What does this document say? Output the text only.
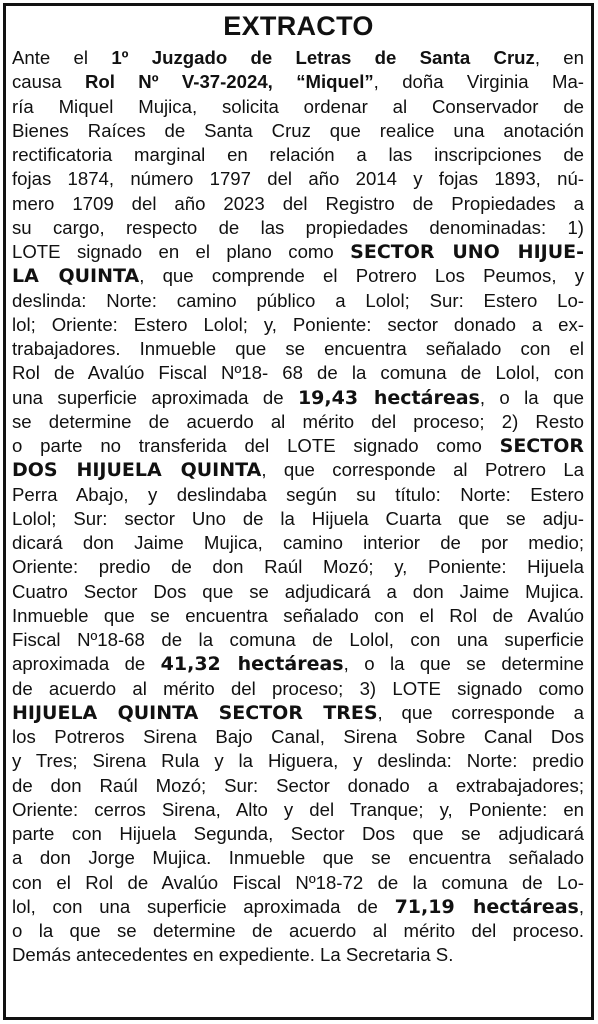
EXTRACTO
Ante el 1º Juzgado de Letras de Santa Cruz, en
causa Rol Nº V-37-2024, “Miquel”, doña Virginia Ma-
ría Miquel Mujica, solicita ordenar al Conservador de
Bienes Raíces de Santa Cruz que realice una anotación
rectificatoria marginal en relación a las inscripciones de
fojas 1874, número 1797 del año 2014 y fojas 1893, nú-
mero 1709 del año 2023 del Registro de Propiedades a
su cargo, respecto de las propiedades denominadas: 1)
LOTE signado en el plano como SECTOR UNO HIJUE-
LA QUINTA, que comprende el Potrero Los Peumos, y
deslinda: Norte: camino público a Lolol; Sur: Estero Lo-
lol; Oriente: Estero Lolol; y, Poniente: sector donado a ex-
trabajadores. Inmueble que se encuentra señalado con el
Rol de Avalúo Fiscal Nº18- 68 de la comuna de Lolol, con
una superficie aproximada de 19,43 hectáreas, o la que
se determine de acuerdo al mérito del proceso; 2) Resto
o parte no transferida del LOTE signado como SECTOR
DOS HIJUELA QUINTA, que corresponde al Potrero La
Perra Abajo, y deslindaba según su título: Norte: Estero
Lolol; Sur: sector Uno de la Hijuela Cuarta que se adju-
dicará don Jaime Mujica, camino interior de por medio;
Oriente: predio de don Raúl Mozó; y, Poniente: Hijuela
Cuatro Sector Dos que se adjudicará a don Jaime Mujica.
Inmueble que se encuentra señalado con el Rol de Avalúo
Fiscal Nº18-68 de la comuna de Lolol, con una superficie
aproximada de 41,32 hectáreas, o la que se determine
de acuerdo al mérito del proceso; 3) LOTE signado como
HIJUELA QUINTA SECTOR TRES, que corresponde a
los Potreros Sirena Bajo Canal, Sirena Sobre Canal Dos
y Tres; Sirena Rula y la Higuera, y deslinda: Norte: predio
de don Raúl Mozó; Sur: Sector donado a extrabajadores;
Oriente: cerros Sirena, Alto y del Tranque; y, Poniente: en
parte con Hijuela Segunda, Sector Dos que se adjudicará
a don Jorge Mujica. Inmueble que se encuentra señalado
con el Rol de Avalúo Fiscal Nº18-72 de la comuna de Lo-
lol, con una superficie aproximada de 71,19 hectáreas,
o la que se determine de acuerdo al mérito del proceso.
Demás antecedentes en expediente. La Secretaria S.
